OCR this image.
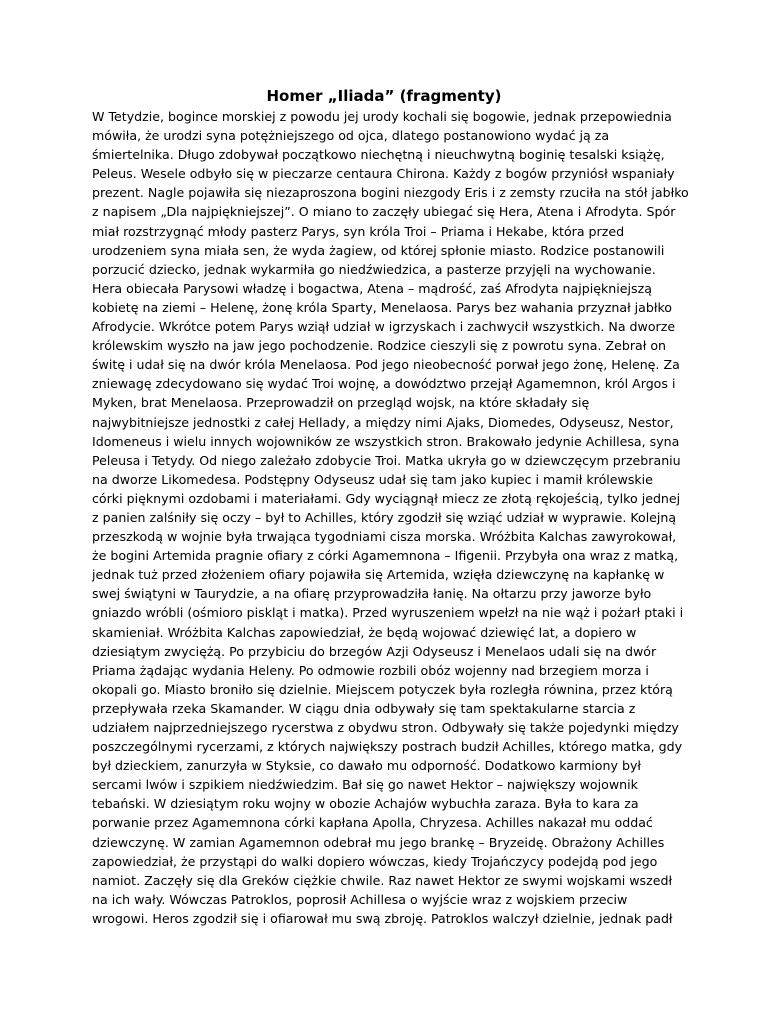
Homer „Iliada” (fragmenty)
W Tetydzie, bogince morskiej z powodu jej urody kochali się bogowie, jednak przepowiednia
mówiła, że urodzi syna potężniejszego od ojca, dlatego postanowiono wydać ją za
śmiertelnika. Długo zdobywał początkowo niechętną i nieuchwytną boginię tesalski książę,
Peleus. Wesele odbyło się w pieczarze centaura Chirona. Każdy z bogów przyniósł wspaniały
prezent. Nagle pojawiła się niezaproszona bogini niezgody Eris i z zemsty rzuciła na stół jabłko
z napisem „Dla najpiękniejszej”. O miano to zaczęły ubiegać się Hera, Atena i Afrodyta. Spór
miał rozstrzygnąć młody pasterz Parys, syn króla Troi – Priama i Hekabe, która przed
urodzeniem syna miała sen, że wyda żagiew, od której spłonie miasto. Rodzice postanowili
porzucić dziecko, jednak wykarmiła go niedźwiedzica, a pasterze przyjęli na wychowanie.
Hera obiecała Parysowi władzę i bogactwa, Atena – mądrość, zaś Afrodyta najpiękniejszą
kobietę na ziemi – Helenę, żonę króla Sparty, Menelaosa. Parys bez wahania przyznał jabłko
Afrodycie. Wkrótce potem Parys wziął udział w igrzyskach i zachwycił wszystkich. Na dworze
królewskim wyszło na jaw jego pochodzenie. Rodzice cieszyli się z powrotu syna. Zebrał on
świtę i udał się na dwór króla Menelaosa. Pod jego nieobecność porwał jego żonę, Helenę. Za
zniewagę zdecydowano się wydać Troi wojnę, a dowództwo przejął Agamemnon, król Argos i
Myken, brat Menelaosa. Przeprowadził on przegląd wojsk, na które składały się
najwybitniejsze jednostki z całej Hellady, a między nimi Ajaks, Diomedes, Odyseusz, Nestor,
Idomeneus i wielu innych wojowników ze wszystkich stron. Brakowało jedynie Achillesa, syna
Peleusa i Tetydy. Od niego zależało zdobycie Troi. Matka ukryła go w dziewczęcym przebraniu
na dworze Likomedesa. Podstępny Odyseusz udał się tam jako kupiec i mamił królewskie
córki pięknymi ozdobami i materiałami. Gdy wyciągnął miecz ze złotą rękojeścią, tylko jednej
z panien zalśniły się oczy – był to Achilles, który zgodził się wziąć udział w wyprawie. Kolejną
przeszkodą w wojnie była trwająca tygodniami cisza morska. Wróżbita Kalchas zawyrokował,
że bogini Artemida pragnie ofiary z córki Agamemnona – Ifigenii. Przybyła ona wraz z matką,
jednak tuż przed złożeniem ofiary pojawiła się Artemida, wzięła dziewczynę na kapłankę w
swej świątyni w Taurydzie, a na ofiarę przyprowadziła łanię. Na ołtarzu przy jaworze było
gniazdo wróbli (ośmioro piskląt i matka). Przed wyruszeniem wpełzł na nie wąż i pożarł ptaki i
skamieniał. Wróżbita Kalchas zapowiedział, że będą wojować dziewięć lat, a dopiero w
dziesiątym zwyciężą. Po przybiciu do brzegów Azji Odyseusz i Menelaos udali się na dwór
Priama żądając wydania Heleny. Po odmowie rozbili obóz wojenny nad brzegiem morza i
okopali go. Miasto broniło się dzielnie. Miejscem potyczek była rozległa równina, przez którą
przepływała rzeka Skamander. W ciągu dnia odbywały się tam spektakularne starcia z
udziałem najprzedniejszego rycerstwa z obydwu stron. Odbywały się także pojedynki między
poszczególnymi rycerzami, z których największy postrach budził Achilles, którego matka, gdy
był dzieckiem, zanurzyła w Styksie, co dawało mu odporność. Dodatkowo karmiony był
sercami lwów i szpikiem niedźwiedzim. Bał się go nawet Hektor – największy wojownik
tebański. W dziesiątym roku wojny w obozie Achajów wybuchła zaraza. Była to kara za
porwanie przez Agamemnona córki kapłana Apolla, Chryzesa. Achilles nakazał mu oddać
dziewczynę. W zamian Agamemnon odebrał mu jego brankę – Bryzeidę. Obrażony Achilles
zapowiedział, że przystąpi do walki dopiero wówczas, kiedy Trojańczycy podejdą pod jego
namiot. Zaczęły się dla Greków ciężkie chwile. Raz nawet Hektor ze swymi wojskami wszedł
na ich wały. Wówczas Patroklos, poprosił Achillesa o wyjście wraz z wojskiem przeciw
wrogowi. Heros zgodził się i ofiarował mu swą zbroję. Patroklos walczył dzielnie, jednak padł
